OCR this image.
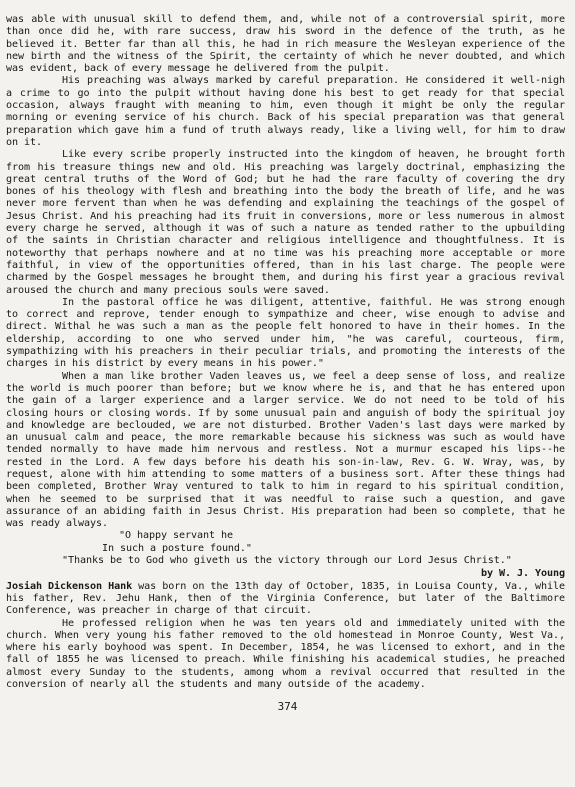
was able with unusual skill to defend them, and, while not of a controversial spirit, more than once did he, with rare success, draw his sword in the defence of the truth, as he believed it. Better far than all this, he had in rich measure the Wesleyan experience of the new birth and the witness of the Spirit, the certainty of which he never doubted, and which was evident, back of every message he delivered from the pulpit.

His preaching was always marked by careful preparation. He considered it well-nigh a crime to go into the pulpit without having done his best to get ready for that special occasion, always fraught with meaning to him, even though it might be only the regular morning or evening service of his church. Back of his special preparation was that general preparation which gave him a fund of truth always ready, like a living well, for him to draw on it.

Like every scribe properly instructed into the kingdom of heaven, he brought forth from his treasure things new and old. His preaching was largely doctrinal, emphasizing the great central truths of the Word of God; but he had the rare faculty of covering the dry bones of his theology with flesh and breathing into the body the breath of life, and he was never more fervent than when he was defending and explaining the teachings of the gospel of Jesus Christ. And his preaching had its fruit in conversions, more or less numerous in almost every charge he served, although it was of such a nature as tended rather to the upbuilding of the saints in Christian character and religious intelligence and thoughtfulness. It is noteworthy that perhaps nowhere and at no time was his preaching more acceptable or more faithful, in view of the opportunities offered, than in his last charge. The people were charmed by the Gospel messages he brought them, and during his first year a gracious revival aroused the church and many precious souls were saved.

In the pastoral office he was diligent, attentive, faithful. He was strong enough to correct and reprove, tender enough to sympathize and cheer, wise enough to advise and direct. Withal he was such a man as the people felt honored to have in their homes. In the eldership, according to one who served under him, "he was careful, courteous, firm, sympathizing with his preachers in their peculiar trials, and promoting the interests of the charges in his district by every means in his power."

When a man like brother Vaden leaves us, we feel a deep sense of loss, and realize the world is much poorer than before; but we know where he is, and that he has entered upon the gain of a larger experience and a larger service. We do not need to be told of his closing hours or closing words. If by some unusual pain and anguish of body the spiritual joy and knowledge are beclouded, we are not disturbed. Brother Vaden's last days were marked by an unusual calm and peace, the more remarkable because his sickness was such as would have tended normally to have made him nervous and restless. Not a murmur escaped his lips--he rested in the Lord. A few days before his death his son-in-law, Rev. G. W. Wray, was, by request, alone with him attending to some matters of a business sort. After these things had been completed, Brother Wray ventured to talk to him in regard to his spiritual condition, when he seemed to be surprised that it was needful to raise such a question, and gave assurance of an abiding faith in Jesus Christ. His preparation had been so complete, that he was ready always.

"O happy servant he
In such a posture found."
"Thanks be to God who giveth us the victory through our Lord Jesus Christ."
by W. J. Young

Josiah Dickenson Hank was born on the 13th day of October, 1835, in Louisa County, Va., while his father, Rev. Jehu Hank, then of the Virginia Conference, but later of the Baltimore Conference, was preacher in charge of that circuit.

He professed religion when he was ten years old and immediately united with the church. When very young his father removed to the old homestead in Monroe County, West Va., where his early boyhood was spent. In December, 1854, he was licensed to exhort, and in the fall of 1855 he was licensed to preach. While finishing his academical studies, he preached almost every Sunday to the students, among whom a revival occurred that resulted in the conversion of nearly all the students and many outside of the academy.

374
